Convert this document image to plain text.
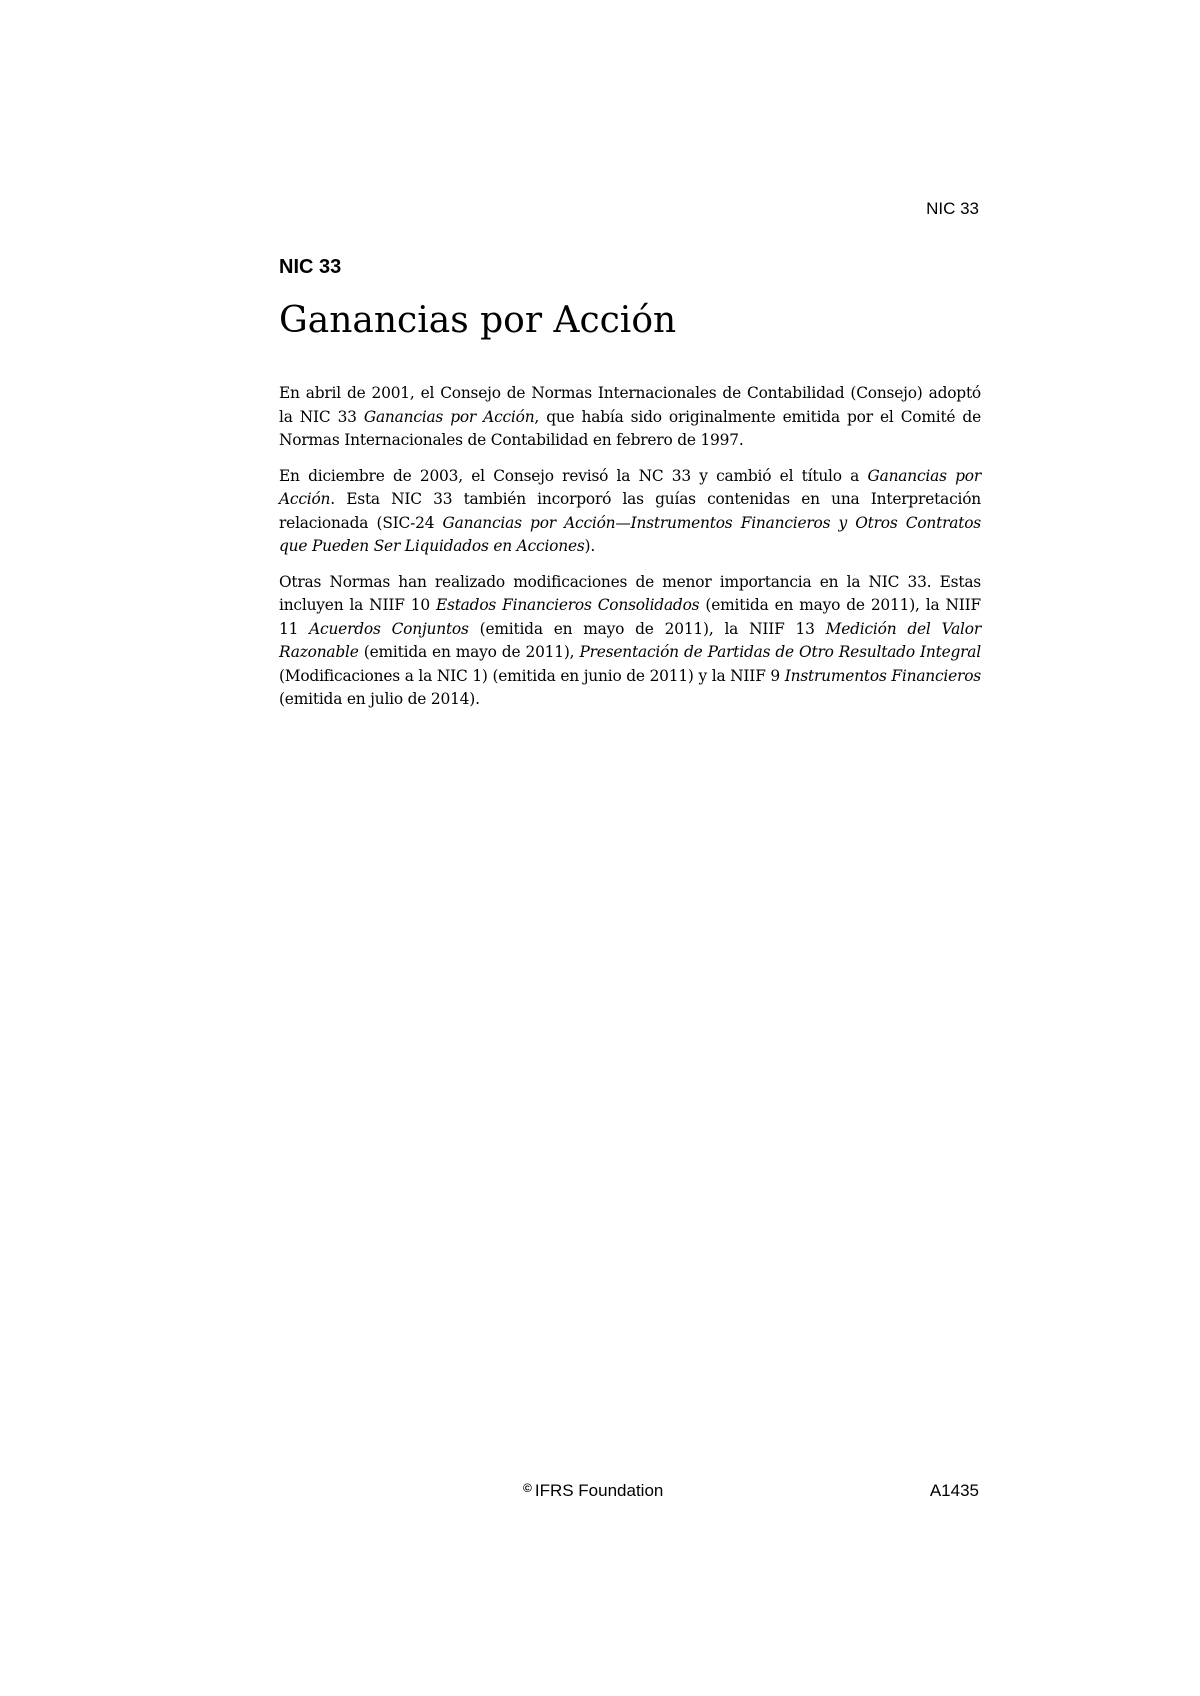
NIC 33
NIC 33
Ganancias por Acción

En abril de 2001, el Consejo de Normas Internacionales de Contabilidad (Consejo) adoptó la NIC 33 Ganancias por Acción, que había sido originalmente emitida por el Comité de Normas Internacionales de Contabilidad en febrero de 1997.

En diciembre de 2003, el Consejo revisó la NC 33 y cambió el título a Ganancias por Acción. Esta NIC 33 también incorporó las guías contenidas en una Interpretación relacionada (SIC-24 Ganancias por Acción—Instrumentos Financieros y Otros Contratos que Pueden Ser Liquidados en Acciones).

Otras Normas han realizado modificaciones de menor importancia en la NIC 33. Estas incluyen la NIIF 10 Estados Financieros Consolidados (emitida en mayo de 2011), la NIIF 11 Acuerdos Conjuntos (emitida en mayo de 2011), la NIIF 13 Medición del Valor Razonable (emitida en mayo de 2011), Presentación de Partidas de Otro Resultado Integral (Modificaciones a la NIC 1) (emitida en junio de 2011) y la NIIF 9 Instrumentos Financieros (emitida en julio de 2014).

© IFRS Foundation	A1435
